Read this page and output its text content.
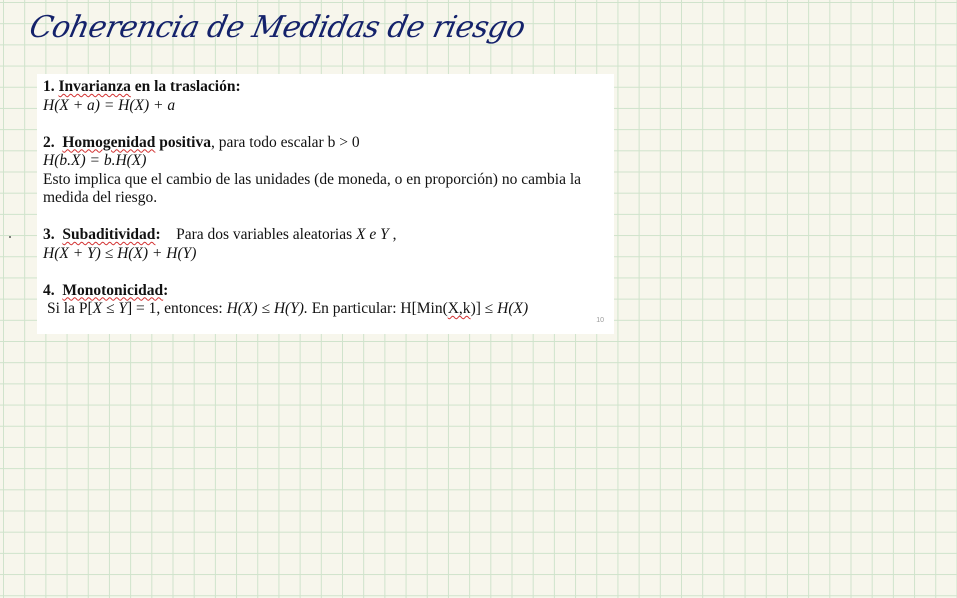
Coherencia de Medidas de riesgo
1. Invarianza en la traslación:
H(X + a) = H(X) + a
2. Homogenidad positiva, para todo escalar b > 0
H(b.X) = b.H(X)
Esto implica que el cambio de las unidades (de moneda, o en proporción) no cambia la medida del riesgo.
3. Subaditividad: Para dos variables aleatorias X e Y ,
H(X + Y) ≤ H(X) + H(Y)
4. Monotonicidad:
Si la P[X ≤ Y] = 1, entonces: H(X) ≤ H(Y). En particular: H[Min(X,k)] ≤ H(X)
10
